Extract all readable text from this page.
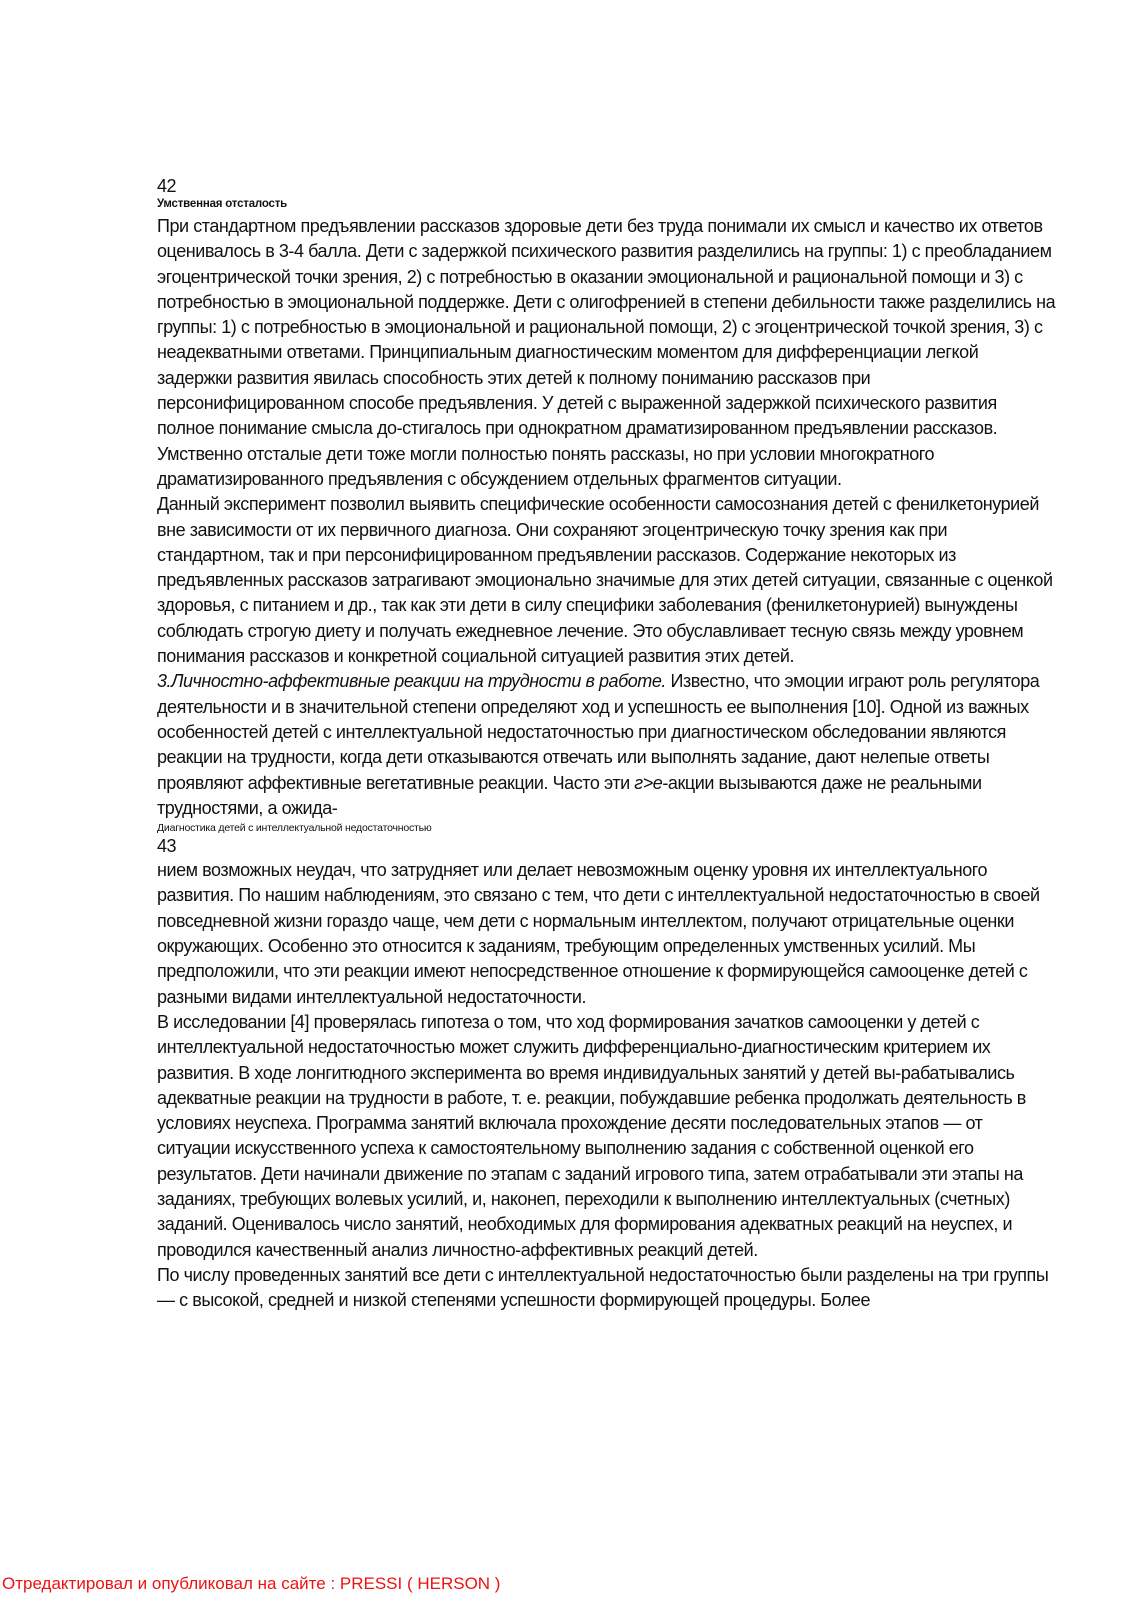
42

Умственная отсталость

При стандартном предъявлении рассказов здоровые дети без труда понимали их смысл и качество их ответов оценивалось в 3-4 балла. Дети с задержкой психического развития разделились на группы: 1) с преобладанием эгоцентрической точки зрения, 2) с потребностью в оказании эмоциональной и рациональной помощи и 3) с потребностью в эмоциональной поддержке. Дети с олигофренией в степени дебильности также разделились на группы: 1) с потребностью в эмоциональной и рациональной помощи, 2) с эгоцентрической точкой зрения, 3) с неадекватными ответами. Принципиальным диагностическим моментом для дифференциации легкой задержки развития явилась способность этих детей к полному пониманию рассказов при персонифицированном способе предъявления. У детей с выраженной задержкой психического развития полное понимание смысла до-стигалось при однократном драматизированном предъявлении рассказов. Умственно отсталые дети тоже могли полностью понять рассказы, но при условии многократного драматизированного предъявления с обсуждением отдельных фрагментов ситуации.

Данный эксперимент позволил выявить специфические особенности самосознания детей с фенилкетонурией вне зависимости от их первичного диагноза. Они сохраняют эгоцентрическую точку зрения как при стандартном, так и при персонифицированном предъявлении рассказов. Содержание некоторых из предъявленных рассказов затрагивают эмоционально значимые для этих детей ситуации, связанные с оценкой здоровья, с питанием и др., так как эти дети в силу специфики заболевания (фенилкетонурией) вынуждены соблюдать строгую диету и получать ежедневное лечение. Это обуславливает тесную связь между уровнем понимания рассказов и конкретной социальной ситуацией развития этих детей.

3.Личностно-аффективные реакции на трудности в работе. Известно, что эмоции играют роль регулятора деятельности и в значительной степени определяют ход и успешность ее выполнения [10]. Одной из важных особенностей детей с интеллектуальной недостаточностью при диагностическом обследовании являются реакции на трудности, когда дети отказываются отвечать или выполнять задание, дают нелепые ответы проявляют аффективные вегетативные реакции. Часто эти г>е-акции вызываются даже не реальными трудностями, а ожида-

Диагностика детей с интеллектуальной недостаточностью

43

нием возможных неудач, что затрудняет или делает невозможным оценку уровня их интеллектуального развития. По нашим наблюдениям, это связано с тем, что дети с интеллектуальной недостаточностью в своей повседневной жизни гораздо чаще, чем дети с нормальным интеллектом, получают отрицательные оценки окружающих. Особенно это относится к заданиям, требующим определенных умственных усилий. Мы предположили, что эти реакции имеют непосредственное отношение к формирующейся самооценке детей с разными видами интеллектуальной недостаточности.

В исследовании [4] проверялась гипотеза о том, что ход формирования зачатков самооценки у детей с интеллектуальной недостаточностью может служить дифференциально-диагностическим критерием их развития. В ходе лонгитюдного эксперимента во время индивидуальных занятий у детей вы-рабатывались адекватные реакции на трудности в работе, т. е. реакции, побуждавшие ребенка продолжать деятельность в условиях неуспеха. Программа занятий включала прохождение десяти последовательных этапов — от ситуации искусственного успеха к самостоятельному выполнению задания с собственной оценкой его результатов. Дети начинали движение по этапам с заданий игрового типа, затем отрабатывали эти этапы на заданиях, требующих волевых усилий, и, наконеп, переходили к выполнению интеллектуальных (счетных) заданий. Оценивалось число занятий, необходимых для формирования адекватных реакций на неуспех, и проводился качественный анализ личностно-аффективных реакций детей.

По числу проведенных занятий все дети с интеллектуальной недостаточностью были разделены на три группы — с высокой, средней и низкой степенями успешности формирующей процедуры. Более

Отредактировал и опубликовал на сайте : PRESSI ( HERSON )
